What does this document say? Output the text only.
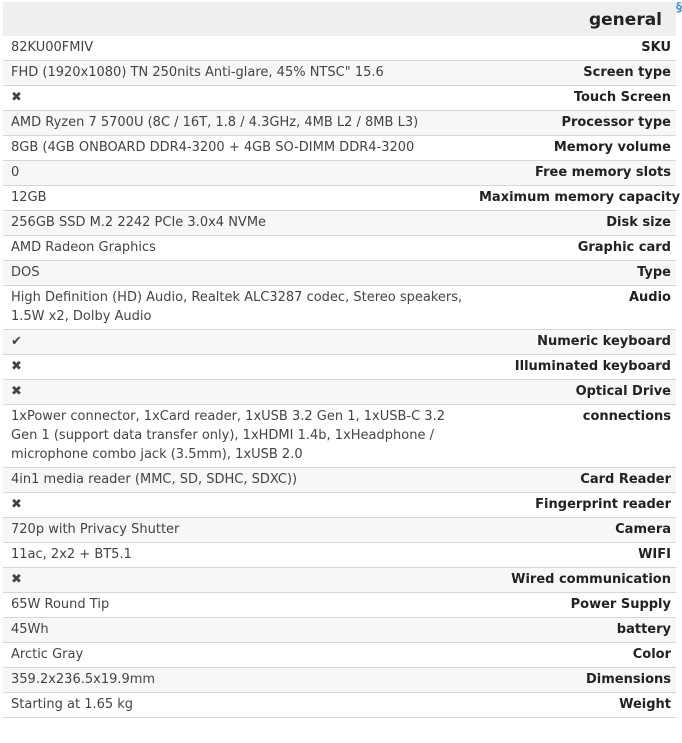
general
§
82KU00FMIV	SKU
FHD (1920x1080) TN 250nits Anti-glare, 45% NTSC" 15.6	Screen type
✖	Touch Screen
AMD Ryzen 7 5700U (8C / 16T, 1.8 / 4.3GHz, 4MB L2 / 8MB L3)	Processor type
8GB (4GB ONBOARD DDR4-3200 + 4GB SO-DIMM DDR4-3200	Memory volume
0	Free memory slots
12GB	Maximum memory capacity
256GB SSD M.2 2242 PCIe 3.0x4 NVMe	Disk size
AMD Radeon Graphics	Graphic card
DOS	Type
High Definition (HD) Audio, Realtek ALC3287 codec, Stereo speakers, 1.5W x2, Dolby Audio	Audio
✔	Numeric keyboard
✖	Illuminated keyboard
✖	Optical Drive
1xPower connector, 1xCard reader, 1xUSB 3.2 Gen 1, 1xUSB-C 3.2 Gen 1 (support data transfer only), 1xHDMI 1.4b, 1xHeadphone / microphone combo jack (3.5mm), 1xUSB 2.0	connections
4in1 media reader (MMC, SD, SDHC, SDXC))	Card Reader
✖	Fingerprint reader
720p with Privacy Shutter	Camera
11ac, 2x2 + BT5.1	WIFI
✖	Wired communication
65W Round Tip	Power Supply
45Wh	battery
Arctic Gray	Color
359.2x236.5x19.9mm	Dimensions
Starting at 1.65 kg	Weight
